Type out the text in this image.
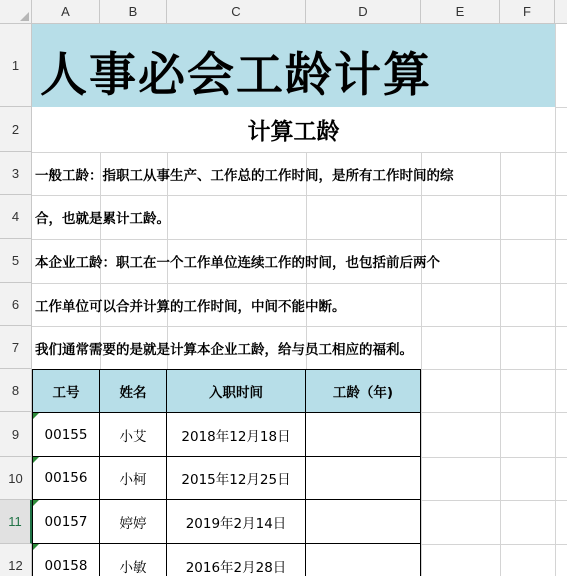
A	B	C	D	E	F
1
2
3
4
5
6
7
8
9
10
11
12
人事必会工龄计算
计算工龄
一般工龄：指职工从事生产、工作总的工作时间，是所有工作时间的综
合，也就是累计工龄。
本企业工龄：职工在一个工作单位连续工作的时间，也包括前后两个
工作单位可以合并计算的工作时间，中间不能中断。
我们通常需要的是就是计算本企业工龄，给与员工相应的福利。
工号	姓名	入职时间	工龄（年)
00155	小艾	2018年12月18日
00156	小柯	2015年12月25日
00157	婷婷	2019年2月14日
00158	小敏	2016年2月28日
